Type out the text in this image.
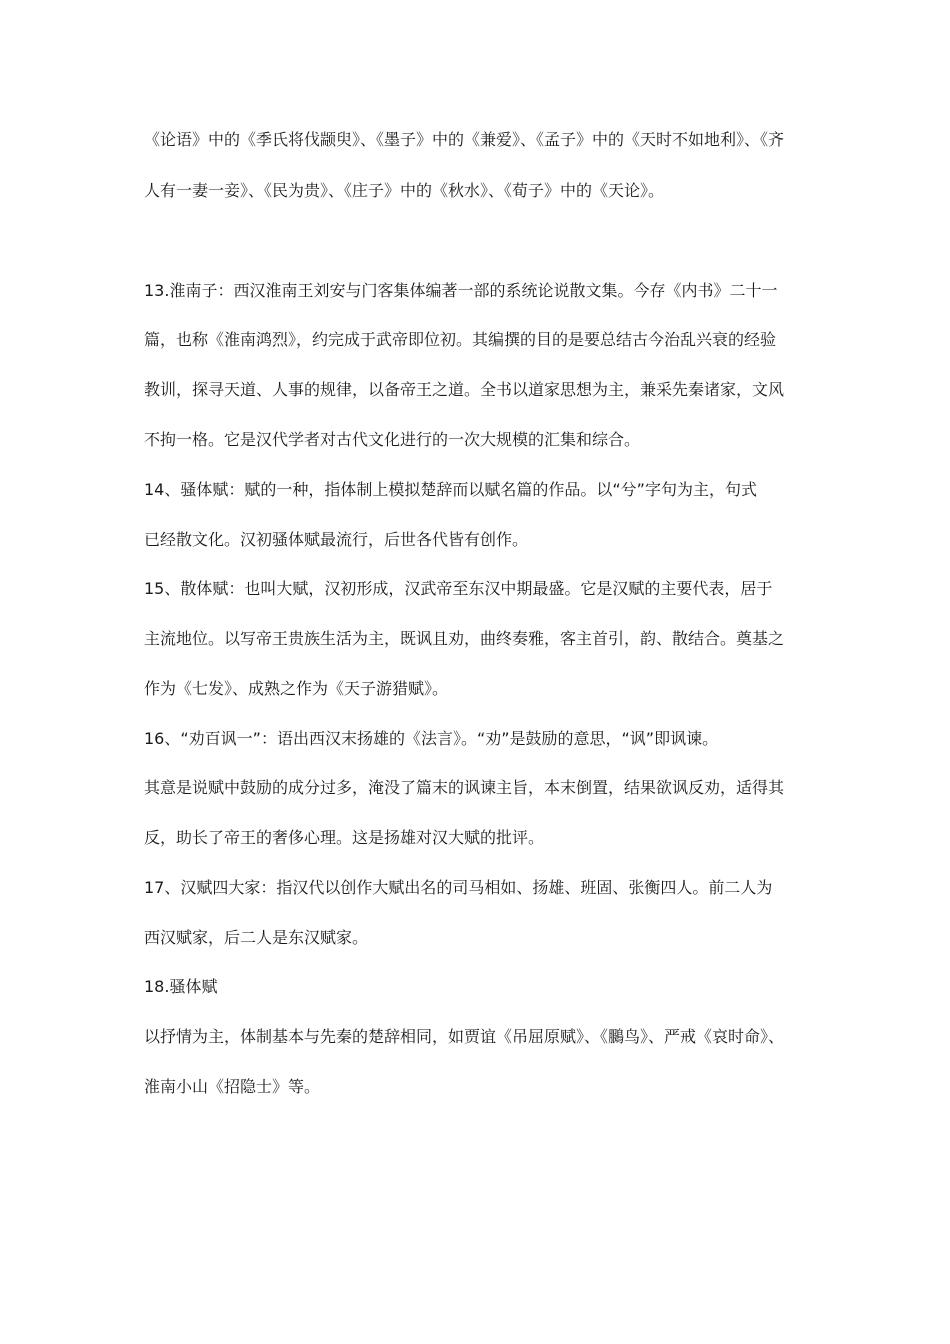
《论语》中的《季氏将伐颛臾》、《墨子》中的《兼爱》、《孟子》中的《天时不如地利》、《齐
人有一妻一妾》、《民为贵》、《庄子》中的《秋水》、《荀子》中的《天论》。
13.淮南子：西汉淮南王刘安与门客集体编著一部的系统论说散文集。今存《内书》二十一
篇，也称《淮南鸿烈》，约完成于武帝即位初。其编撰的目的是要总结古今治乱兴衰的经验
教训，探寻天道、人事的规律，以备帝王之道。全书以道家思想为主，兼采先秦诸家，文风
不拘一格。它是汉代学者对古代文化进行的一次大规模的汇集和综合。
14、骚体赋：赋的一种，指体制上模拟楚辞而以赋名篇的作品。以“兮”字句为主，句式
已经散文化。汉初骚体赋最流行，后世各代皆有创作。
15、散体赋：也叫大赋，汉初形成，汉武帝至东汉中期最盛。它是汉赋的主要代表，居于
主流地位。以写帝王贵族生活为主，既讽且劝，曲终奏雅，客主首引，韵、散结合。奠基之
作为《七发》、成熟之作为《天子游猎赋》。
16、“劝百讽一”：语出西汉末扬雄的《法言》。“劝”是鼓励的意思，“讽”即讽谏。
其意是说赋中鼓励的成分过多，淹没了篇末的讽谏主旨，本末倒置，结果欲讽反劝，适得其
反，助长了帝王的奢侈心理。这是扬雄对汉大赋的批评。
17、汉赋四大家：指汉代以创作大赋出名的司马相如、扬雄、班固、张衡四人。前二人为
西汉赋家，后二人是东汉赋家。
18.骚体赋
以抒情为主，体制基本与先秦的楚辞相同，如贾谊《吊屈原赋》、《鵩鸟》、严戒《哀时命》、
淮南小山《招隐士》等。
